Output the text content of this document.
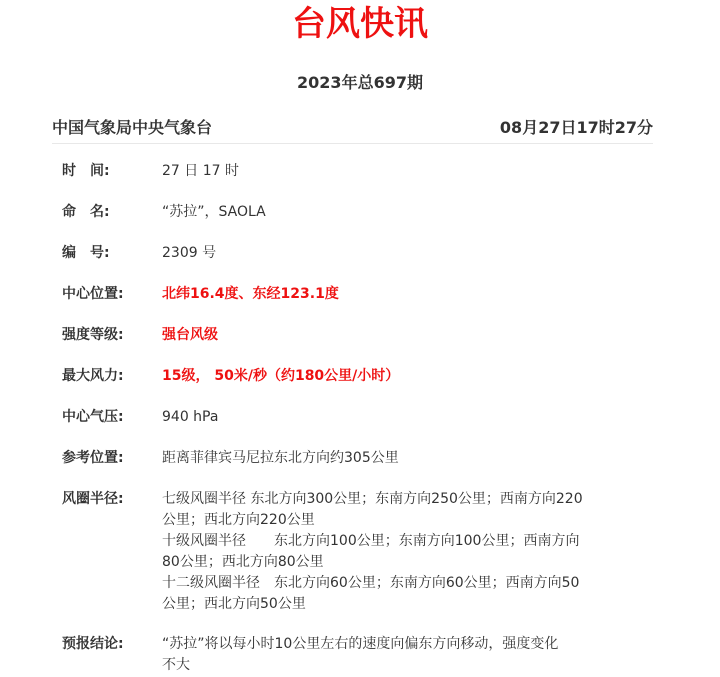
台风快讯
2023年总697期
中国气象局中央气象台	08月27日17时27分
时　间:	27 日 17 时
命　名:	“苏拉”，SAOLA
编　号:	2309 号
中心位置:	北纬16.4度、东经123.1度
强度等级:	强台风级
最大风力:	15级， 50米/秒（约180公里/小时）
中心气压:	940 hPa
参考位置:	距离菲律宾马尼拉东北方向约305公里
风圈半径:	七级风圈半径 东北方向300公里；东南方向250公里；西南方向220
公里；西北方向220公里
十级风圈半径　　东北方向100公里；东南方向100公里；西南方向
80公里；西北方向80公里
十二级风圈半径　东北方向60公里；东南方向60公里；西南方向50
公里；西北方向50公里
预报结论:	“苏拉”将以每小时10公里左右的速度向偏东方向移动，强度变化
不大
